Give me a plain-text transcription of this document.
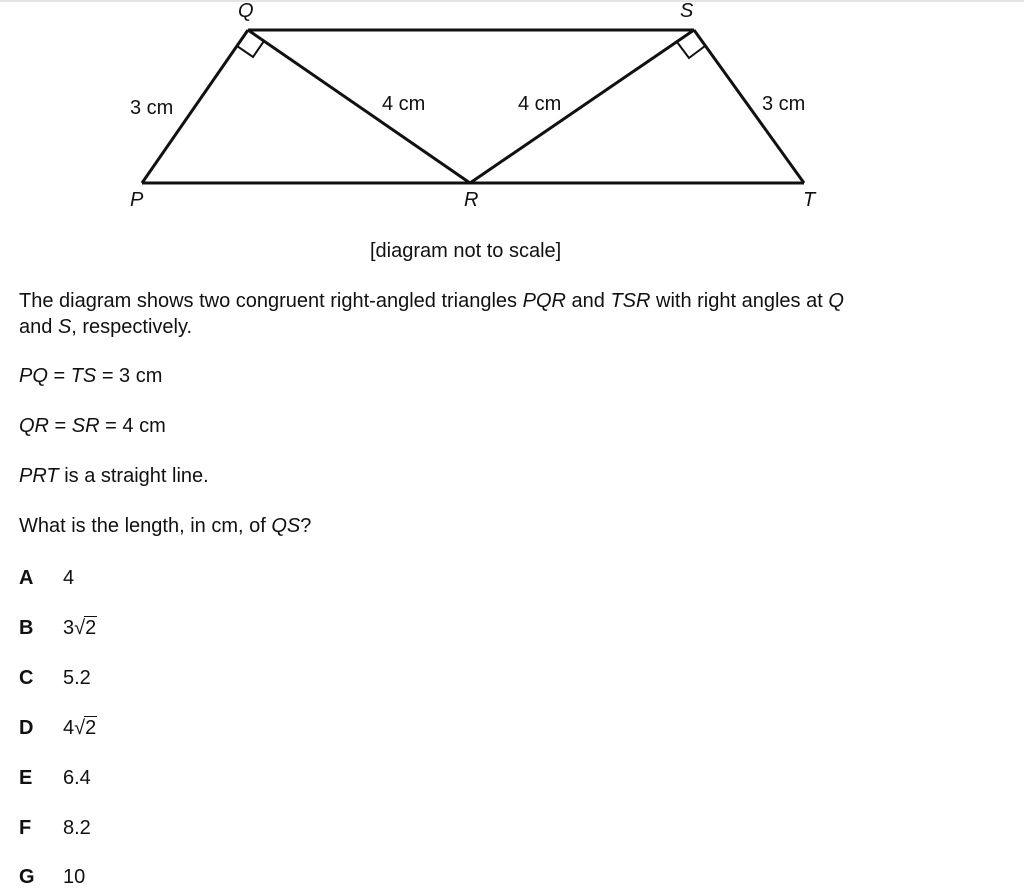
Q	S
P	R	T
3 cm	4 cm	4 cm	3 cm
[diagram not to scale]
The diagram shows two congruent right-angled triangles PQR and TSR with right angles at Q
and S, respectively.
PQ = TS = 3 cm
QR = SR = 4 cm
PRT is a straight line.
What is the length, in cm, of QS?
A 4
B 3√2
C 5.2
D 4√2
E 6.4
F 8.2
G 10
